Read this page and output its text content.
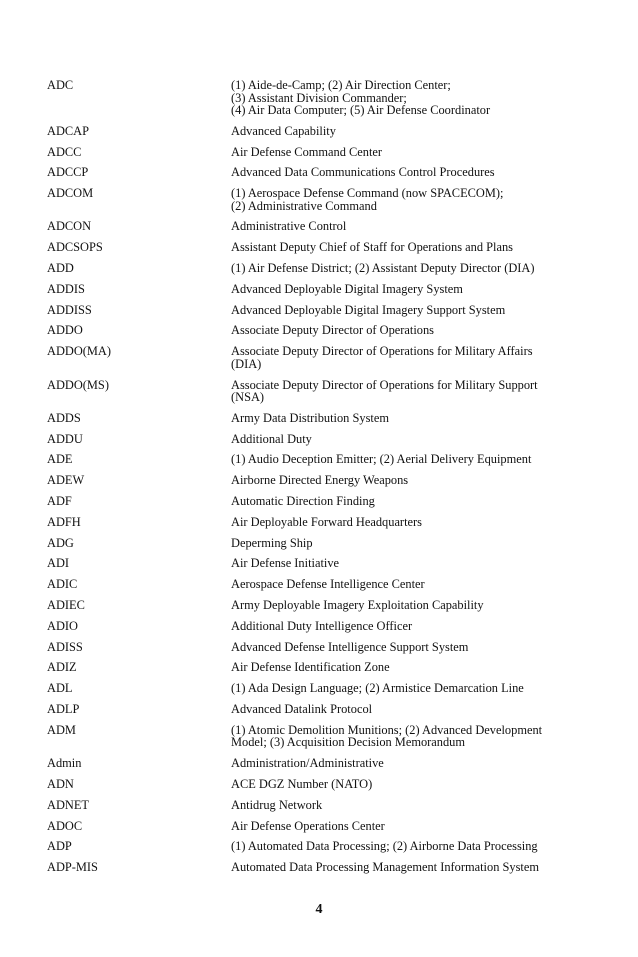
ADC	(1) Aide-de-Camp; (2) Air Direction Center;
(3) Assistant Division Commander;
(4) Air Data Computer; (5) Air Defense Coordinator
ADCAP	Advanced Capability
ADCC	Air Defense Command Center
ADCCP	Advanced Data Communications Control Procedures
ADCOM	(1) Aerospace Defense Command (now SPACECOM);
(2) Administrative Command
ADCON	Administrative Control
ADCSOPS	Assistant Deputy Chief of Staff for Operations and Plans
ADD	(1) Air Defense District; (2) Assistant Deputy Director (DIA)
ADDIS	Advanced Deployable Digital Imagery System
ADDISS	Advanced Deployable Digital Imagery Support System
ADDO	Associate Deputy Director of Operations
ADDO(MA)	Associate Deputy Director of Operations for Military Affairs
(DIA)
ADDO(MS)	Associate Deputy Director of Operations for Military Support
(NSA)
ADDS	Army Data Distribution System
ADDU	Additional Duty
ADE	(1) Audio Deception Emitter; (2) Aerial Delivery Equipment
ADEW	Airborne Directed Energy Weapons
ADF	Automatic Direction Finding
ADFH	Air Deployable Forward Headquarters
ADG	Deperming Ship
ADI	Air Defense Initiative
ADIC	Aerospace Defense Intelligence Center
ADIEC	Army Deployable Imagery Exploitation Capability
ADIO	Additional Duty Intelligence Officer
ADISS	Advanced Defense Intelligence Support System
ADIZ	Air Defense Identification Zone
ADL	(1) Ada Design Language; (2) Armistice Demarcation Line
ADLP	Advanced Datalink Protocol
ADM	(1) Atomic Demolition Munitions; (2) Advanced Development
Model; (3) Acquisition Decision Memorandum
Admin	Administration/Administrative
ADN	ACE DGZ Number (NATO)
ADNET	Antidrug Network
ADOC	Air Defense Operations Center
ADP	(1) Automated Data Processing; (2) Airborne Data Processing
ADP-MIS	Automated Data Processing Management Information System
4
